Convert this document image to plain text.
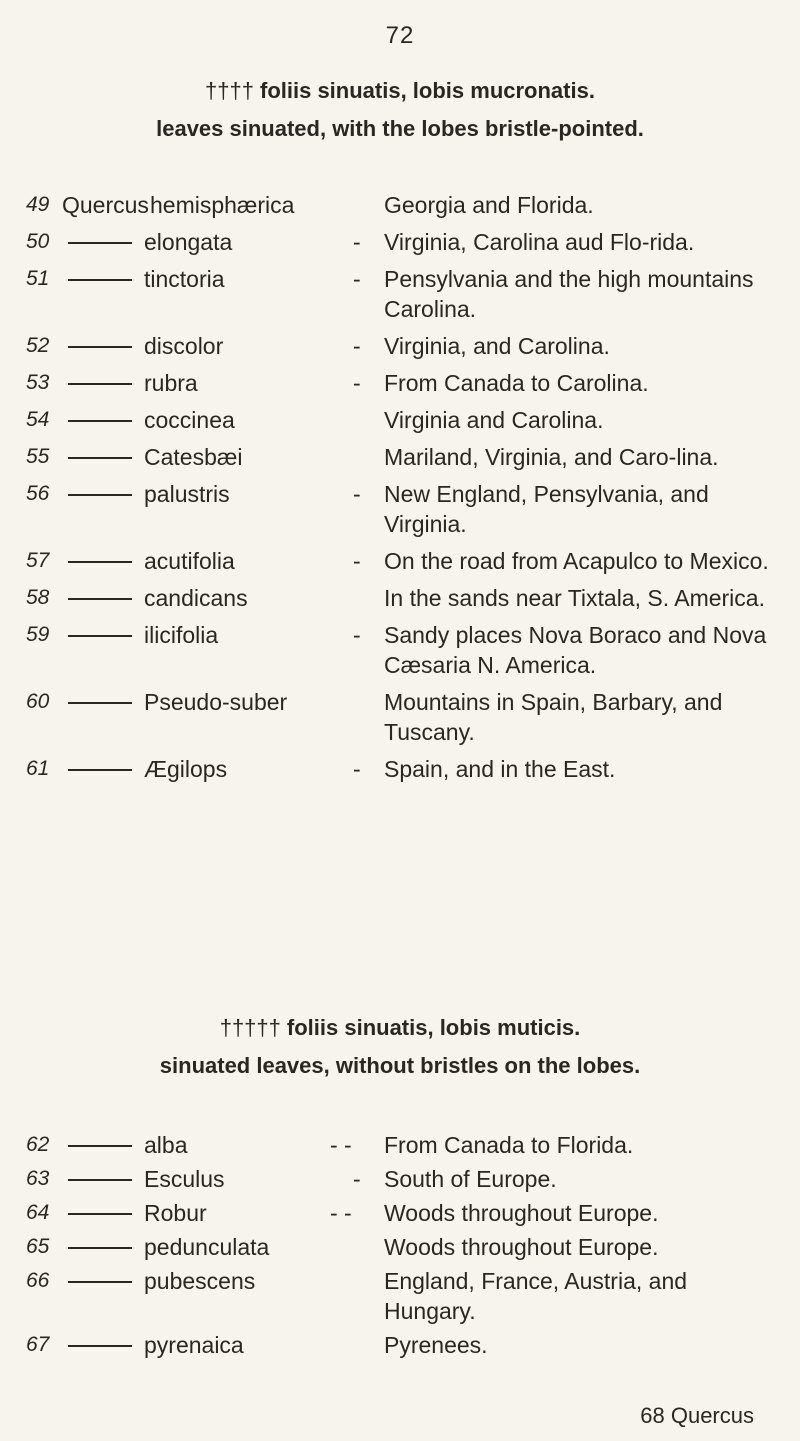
72
†††† foliis sinuatis, lobis mucronatis.
leaves sinuated, with the lobes bristle-pointed.
49 Quercus hemisphæricа	Georgia and Florida.
50	elongata	- Virginia, Carolina aud Flo-rida.
51	tinctoria	- Pensylvania and the high mountains Carolina.
52	discolor	- Virginia, and Carolina.
53	rubra	- From Canada to Carolina.
54	coccinea	Virginia and Carolina.
55	Catesbæi	Mariland, Virginia, and Caro-lina.
56	palustris	- New England, Pensylvania, and Virginia.
57	acutifolia	- On the road from Acapulco to Mexico.
58	candicans	In the sands near Tixtala, S. America.
59	ilicifolia	- Sandy places Nova Boraco and Nova Cæsaria N. America.
60	Pseudo-suber	Mountains in Spain, Barbary, and Tuscany.
61	Ægilops	- Spain, and in the East.
††††† foliis sinuatis, lobis muticis.
sinuated leaves, without bristles on the lobes.
62	alba	- - From Canada to Florida.
63	Esculus	- South of Europe.
64	Robur	- - Woods throughout Europe.
65	pedunculata	Woods throughout Europe.
66	pubescens	England, France, Austria, and Hungary.
67	pyrenaica	Pyrenees.
68 Quercus
